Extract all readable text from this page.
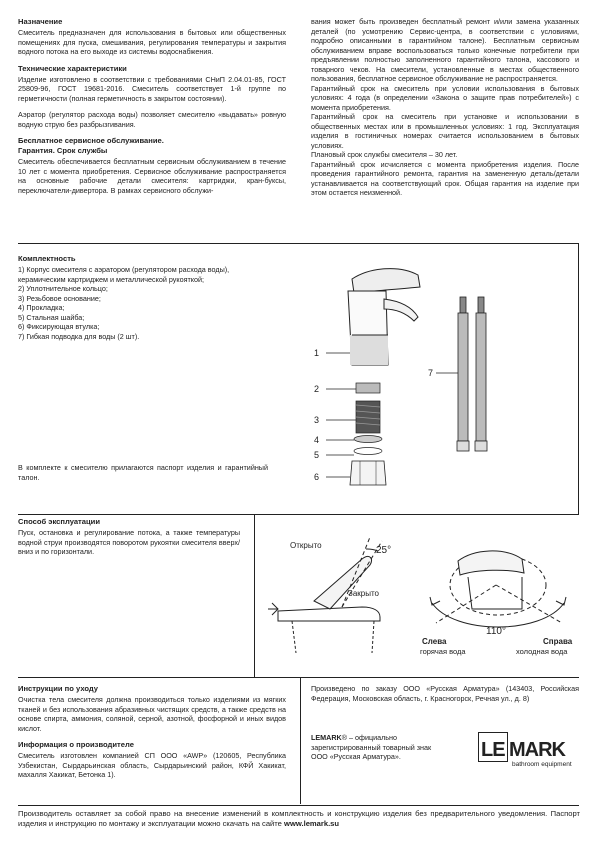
Назначение

Смеситель предназначен для использования в бытовых или общественных помещениях для пуска, смешивания, регулирования температуры и закрытия водного потока на его выходе из системы водоснабжения.

Технические характеристики

Изделие изготовлено в соответствии с требованиями СНиП 2.04.01-85, ГОСТ 25809-96, ГОСТ 19681-2016. Смеситель соответствует 1-й группе по герметичности (полная герметичность в закрытом состоянии).

Аэратор (регулятор расхода воды) позволяет смесителю «выдавать» ровную водную струю без разбрызгивания.

Бесплатное сервисное обслуживание.
Гарантия. Срок службы

Смеситель обеспечивается бесплатным сервисным обслуживанием в течение 10 лет с момента приобретения. Сервисное обслуживание распространяется на основные рабочие детали смесителя: картриджи, кран-буксы, переключатели-дивертора. В рамках сервисного обслужи-

вания может быть произведен бесплатный ремонт и/или замена указанных деталей (по усмотрению Сервис-центра, в соответствии с условиями, подробно описанными в гарантийном талоне). Бесплатным сервисным обслуживанием вправе воспользоваться только конечные потребители при предъявлении полностью заполненного гарантийного талона, кассового и товарного чеков. На смесители, установленные в местах общественного пользования, бесплатное сервисное обслуживание не распространяется.

Гарантийный срок на смеситель при условии использования в бытовых условиях: 4 года (в определении «Закона о защите прав потребителей») с момента приобретения.

Гарантийный срок на смеситель при установке и использовании в общественных местах или в промышленных условиях: 1 год. Эксплуатация изделия в гостиничных номерах считается использованием в бытовых условиях.

Плановый срок службы смесителя – 30 лет.

Гарантийный срок исчисляется с момента приобретения изделия. После проведения гарантийного ремонта, гарантия на замененную деталь/детали устанавливается на соответствующий срок. Общая гарантия на изделие при этом остается неизменной.

Комплектность
1) Корпус смесителя с аэратором (регулятором расхода воды),
керамическим картриджем и металлической рукояткой;
2) Уплотнительное кольцо;
3) Резьбовое основание;
4) Прокладка;
5) Стальная шайба;
6) Фиксирующая втулка;
7) Гибкая подводка для воды (2 шт).

В комплекте к смесителю прилагаются паспорт изделия и гарантийный талон.

1
2
3
4
5
6
7
Способ эксплуатации

Пуск, остановка и регулирование потока, а также температуры водной струи производятся поворотом рукоятки смесителя вверх/вниз и по горизонтали.

Открыто	25°
Закрыто
110°
Слева
горячая вода
Справа
холодная вода
Инструкции по уходу

Очистка тела смесителя должна производиться только изделиями из мягких тканей и без использования абразивных чистящих средств, а также средств на основе спирта, аммония, соляной, серной, азотной, фосфорной и иных видов кислот.

Информация о производителе

Смеситель изготовлен компанией СП ООО «AWP» (120605, Республика Узбекистан, Сырдарьинская область, Сырдарьинский район, КФЙ Хакикат, махалля Хакикат, Бетонка 1).

Произведено по заказу ООО «Русская Арматура» (143403, Российская Федерация, Московская область, г. Красногорск, Речная ул., д. 8)

LEMARK® – официально
зарегистрированный товарный знак
ООО «Русская Арматура».	LE MARK
bathroom equipment

Производитель оставляет за собой право на внесение изменений в комплектность и конструкцию изделия без предварительного уведомления. Паспорт изделия и инструкцию по монтажу и эксплуатации можно скачать на сайте www.lemark.su
